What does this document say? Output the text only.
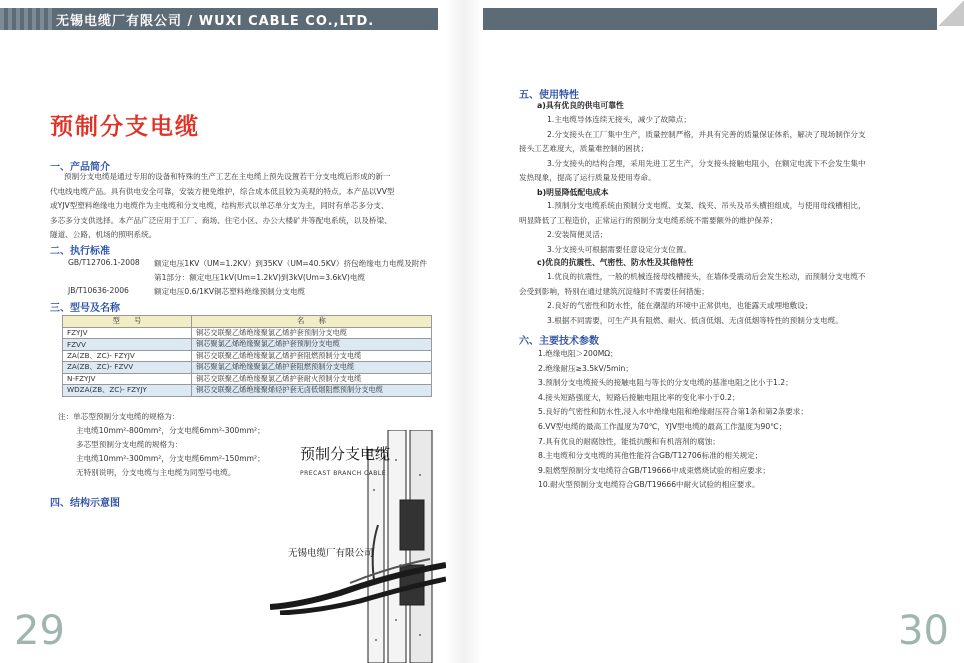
无锡电缆厂有限公司 / WUXI CABLE CO.,LTD.
预制分支电缆
一、产品简介
预制分支电缆是通过专用的设备和特殊的生产工艺在主电缆上预先设置若干分支电缆后形成的新一
代电线电缆产品。具有供电安全可靠，安装方便免维护，综合成本低且较为美观的特点。本产品以VV型
或YJV型塑料绝缘电力电缆作为主电缆和分支电缆，结构形式以单芯单分支为主，同时有单芯多分支、
多芯多分支供选择。本产品广泛应用于工厂、商场、住宅小区、办公大楼矿井等配电系统，以及桥梁、
隧道、公路、机场的照明系统。
二、执行标准
GB/T12706.1-2008 额定电压1KV（UM=1.2KV）到35KV（UM=40.5KV）挤包绝缘电力电缆及附件
第1部分：额定电压1kV(Um=1.2kV)到3kV(Um=3.6kV)电缆
JB/T10636-2006	额定电压0.6/1KV铜芯塑料绝缘预制分支电缆
三、型号及名称
型　　号	名　　称
FZYJV	铜芯交联聚乙烯绝缘聚氯乙烯护套预制分支电缆
FZVV	铜芯聚氯乙烯绝缘聚氯乙烯护套预制分支电缆
ZA(ZB、ZC)- FZYJV	铜芯交联聚乙烯绝缘聚氯乙烯护套阻燃预制分支电缆
ZA(ZB、ZC)- FZVV	铜芯聚氯乙烯绝缘聚氯乙烯护套阻燃预制分支电缆
N-FZYJV	铜芯交联聚乙烯绝缘聚氯乙烯护套耐火预制分支电缆
WDZA(ZB、ZC)- FZYJY	铜芯交联聚乙烯绝缘聚烯烃护套无卤低烟阻燃预制分支电缆
注：单芯型预制分支电缆的规格为：
主电缆10mm²-800mm²，分支电缆6mm²-300mm²；
多芯型预制分支电缆的规格为：
主电缆10mm²-300mm²，分支电缆6mm²-150mm²；
无特别说明，分支电缆与主电缆为同型号电缆。
四、结构示意图
预制分支电缆
PRECAST BRANCH CABLE
无锡电缆厂有限公司
29
五、使用特性
a)具有优良的供电可靠性
1.主电缆导体连续无接头，减少了故障点；
2.分支接头在工厂集中生产，质量控制严格，并具有完善的质量保证体系，解决了现场制作分支
接头工艺难度大，质量难控制的困扰；
3.分支接头的结构合理，采用先进工艺生产，分支接头接触电阻小，在额定电流下不会发生集中
发热现象，提高了运行质量及使用寿命。
b)明显降低配电成本
1.预制分支电缆系统由预制分支电缆、支架、线夹、吊头及吊头横担组成，与使用母线槽相比，
明显降低了工程造价，正常运行的预制分支电缆系统不需要额外的维护保养；
2.安装简便灵活；
3.分支接头可根据需要任意设定分支位置。
c)优良的抗震性、气密性、防水性及其他特性
1.优良的抗震性，一般的机械连接母线槽接头，在墙体受震动后会发生松动，而预制分支电缆不
会受到影响，特别在通过建筑沉淀缝时不需要任何措施；
2.良好的气密性和防水性，能在潮湿的环境中正常供电，也能露天或埋地敷设；
3.根据不同需要，可生产具有阻燃、耐火、低卤低烟、无卤低烟等特性的预制分支电缆。
六、主要技术参数
1.绝缘电阻＞200MΩ；
2.绝缘耐压≥3.5kV/5min；
3.预制分支电缆接头的接触电阻与等长的分支电缆的基准电阻之比小于1.2；
4.接头短路强度大，短路后接触电阻比率的变化率小于0.2；
5.良好的气密性和防水性,浸入水中绝缘电阻和绝缘耐压符合第1条和第2条要求；
6.VV型电缆的最高工作温度为70℃，YJV型电缆的最高工作温度为90℃；
7.具有优良的耐腐蚀性，能抵抗酸和有机溶剂的腐蚀；
8.主电缆和分支电缆的其他性能符合GB/T12706标准的相关规定；
9.阻燃型预制分支电缆符合GB/T19666中成束燃烧试验的相应要求；
10.耐火型预制分支电缆符合GB/T19666中耐火试验的相应要求。
30
